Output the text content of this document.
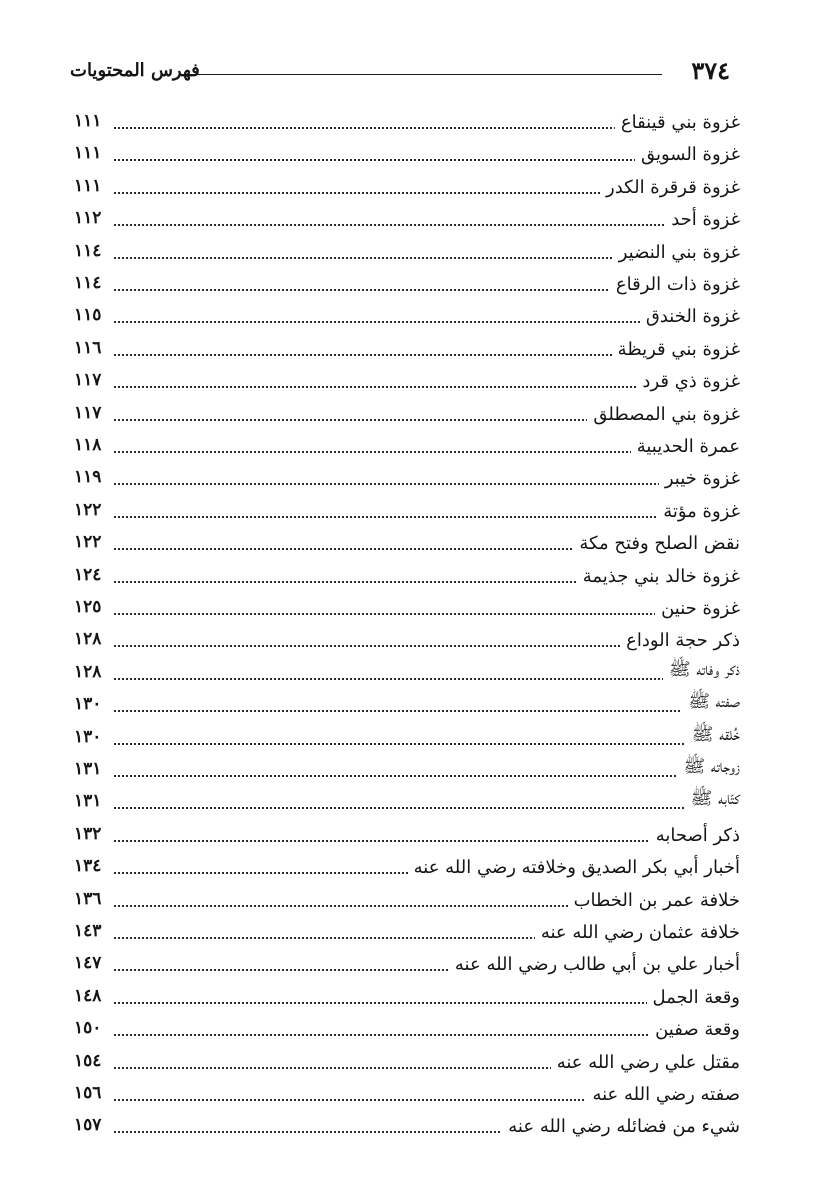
فهرس المحتويات	٣٧٤
١١١	غزوة بني قينقاع
١١١	غزوة السويق
١١١	غزوة قرقرة الكدر
١١٢	غزوة أحد
١١٤	غزوة بني النضير
١١٤	غزوة ذات الرقاع
١١٥	غزوة الخندق
١١٦	غزوة بني قريظة
١١٧	غزوة ذي قرد
١١٧	غزوة بني المصطلق
١١٨	عمرة الحديبية
١١٩	غزوة خيبر
١٢٢	غزوة مؤتة
١٢٢	نقض الصلح وفتح مكة
١٢٤	غزوة خالد بني جذيمة
١٢٥	غزوة حنين
١٢٨	ذكر حجة الوداع
١٢٨	ذكر وفاته ﷺ
١٣٠	صفته ﷺ
١٣٠	خُلقه ﷺ
١٣١	زوجاته ﷺ
١٣١	كتّابه ﷺ
١٣٢	ذكر أصحابه
١٣٤	أخبار أبي بكر الصديق وخلافته رضي الله عنه
١٣٦	خلافة عمر بن الخطاب
١٤٣	خلافة عثمان رضي الله عنه
١٤٧	أخبار علي بن أبي طالب رضي الله عنه
١٤٨	وقعة الجمل
١٥٠	وقعة صفين
١٥٤	مقتل علي رضي الله عنه
١٥٦	صفته رضي الله عنه
١٥٧	شيء من فضائله رضي الله عنه
